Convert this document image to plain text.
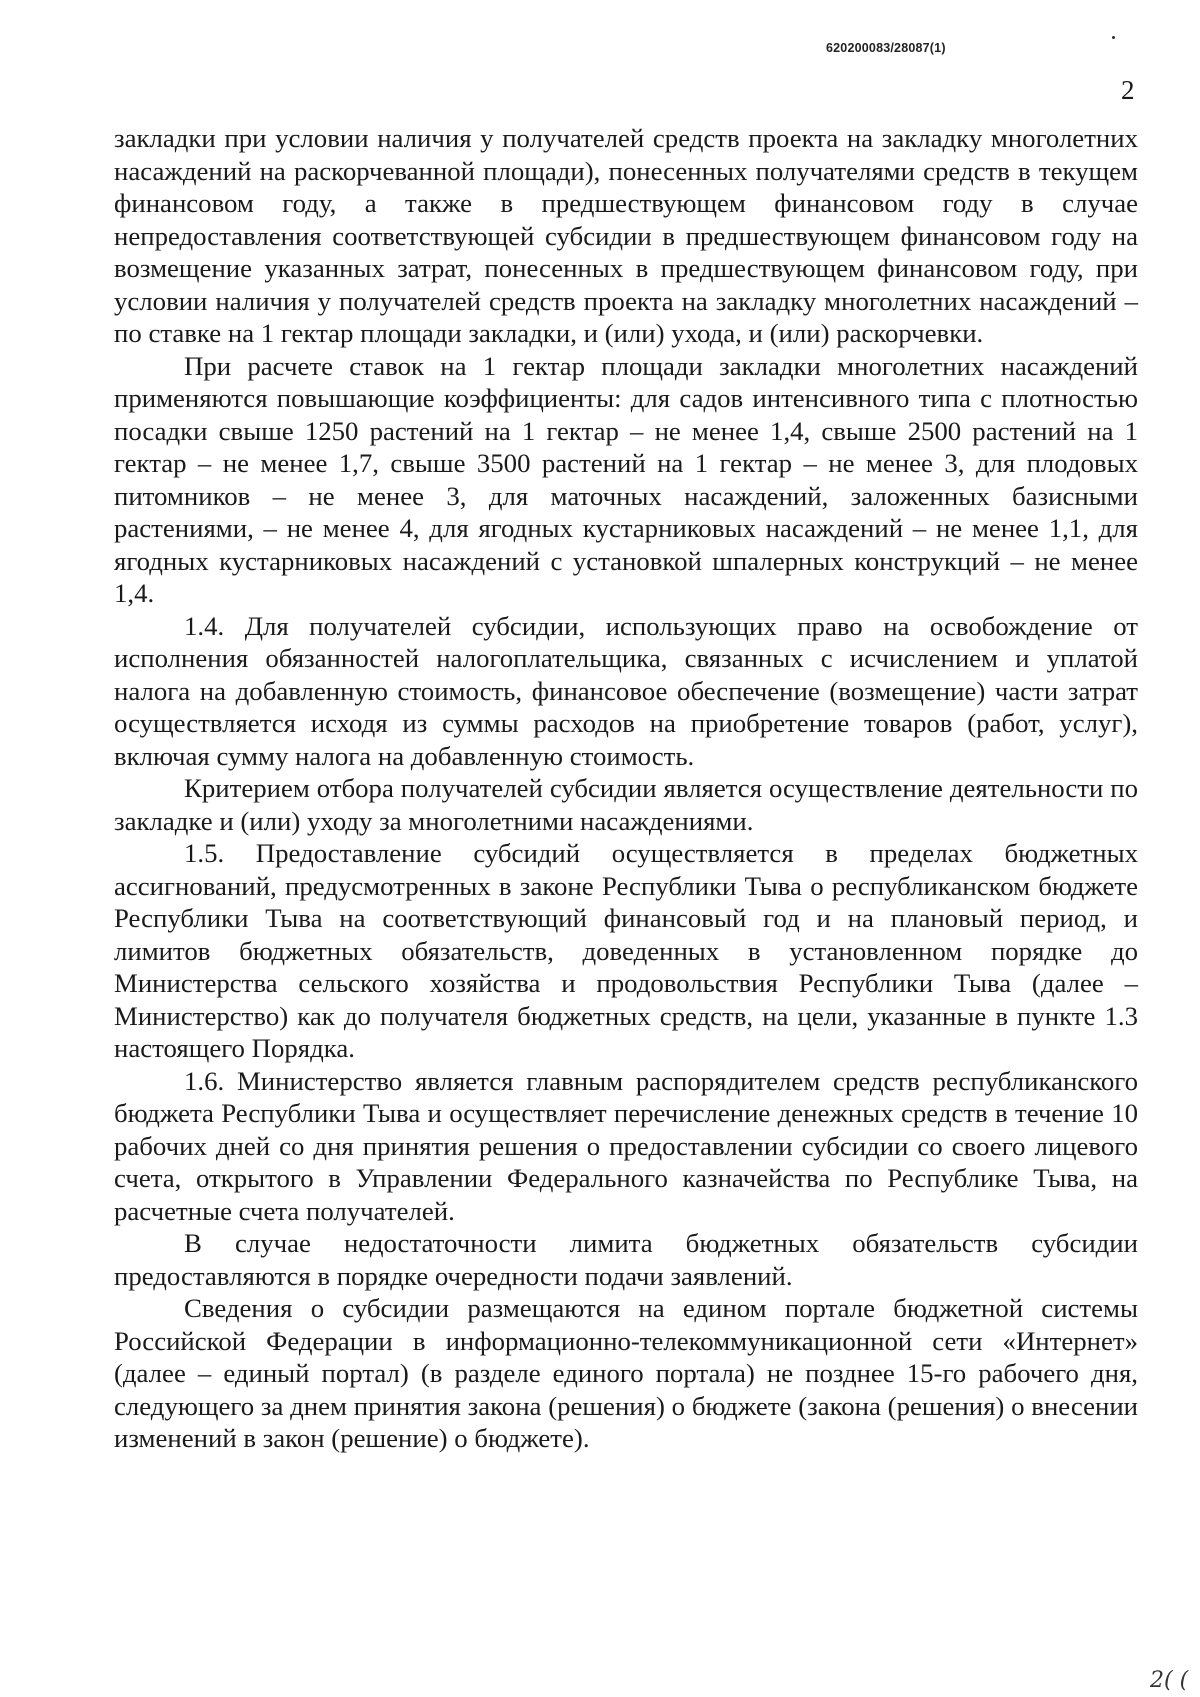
620200083/28087(1)
2

закладки при условии наличия у получателей средств проекта на закладку многолетних насаждений на раскорчеванной площади), понесенных получателями средств в текущем финансовом году, а также в предшествующем финансовом году в случае непредоставления соответствующей субсидии в предшествующем финансовом году на возмещение указанных затрат, понесенных в предшествующем финансовом году, при условии наличия у получателей средств проекта на закладку многолетних насаждений – по ставке на 1 гектар площади закладки, и (или) ухода, и (или) раскорчевки.

При расчете ставок на 1 гектар площади закладки многолетних насаждений применяются повышающие коэффициенты: для садов интенсивного типа с плотностью посадки свыше 1250 растений на 1 гектар – не менее 1,4, свыше 2500 растений на 1 гектар – не менее 1,7, свыше 3500 растений на 1 гектар – не менее 3, для плодовых питомников – не менее 3, для маточных насаждений, заложенных базисными растениями, – не менее 4, для ягодных кустарниковых насаждений – не менее 1,1, для ягодных кустарниковых насаждений с установкой шпалерных конструкций – не менее 1,4.

1.4. Для получателей субсидии, использующих право на освобождение от исполнения обязанностей налогоплательщика, связанных с исчислением и уплатой налога на добавленную стоимость, финансовое обеспечение (возмещение) части затрат осуществляется исходя из суммы расходов на приобретение товаров (работ, услуг), включая сумму налога на добавленную стоимость.

Критерием отбора получателей субсидии является осуществление деятельности по закладке и (или) уходу за многолетними насаждениями.

1.5. Предоставление субсидий осуществляется в пределах бюджетных ассигнований, предусмотренных в законе Республики Тыва о республиканском бюджете Республики Тыва на соответствующий финансовый год и на плановый период, и лимитов бюджетных обязательств, доведенных в установленном порядке до Министерства сельского хозяйства и продовольствия Республики Тыва (далее – Министерство) как до получателя бюджетных средств, на цели, указанные в пункте 1.3 настоящего Порядка.

1.6. Министерство является главным распорядителем средств республиканского бюджета Республики Тыва и осуществляет перечисление денежных средств в течение 10 рабочих дней со дня принятия решения о предоставлении субсидии со своего лицевого счета, открытого в Управлении Федерального казначейства по Республике Тыва, на расчетные счета получателей.

В случае недостаточности лимита бюджетных обязательств субсидии предоставляются в порядке очередности подачи заявлений.

Сведения о субсидии размещаются на едином портале бюджетной системы Российской Федерации в информационно-телекоммуникационной сети «Интернет» (далее – единый портал) (в разделе единого портала) не позднее 15-го рабочего дня, следующего за днем принятия закона (решения) о бюджете (закона (решения) о внесении изменений в закон (решение) о бюджете).

2( (
